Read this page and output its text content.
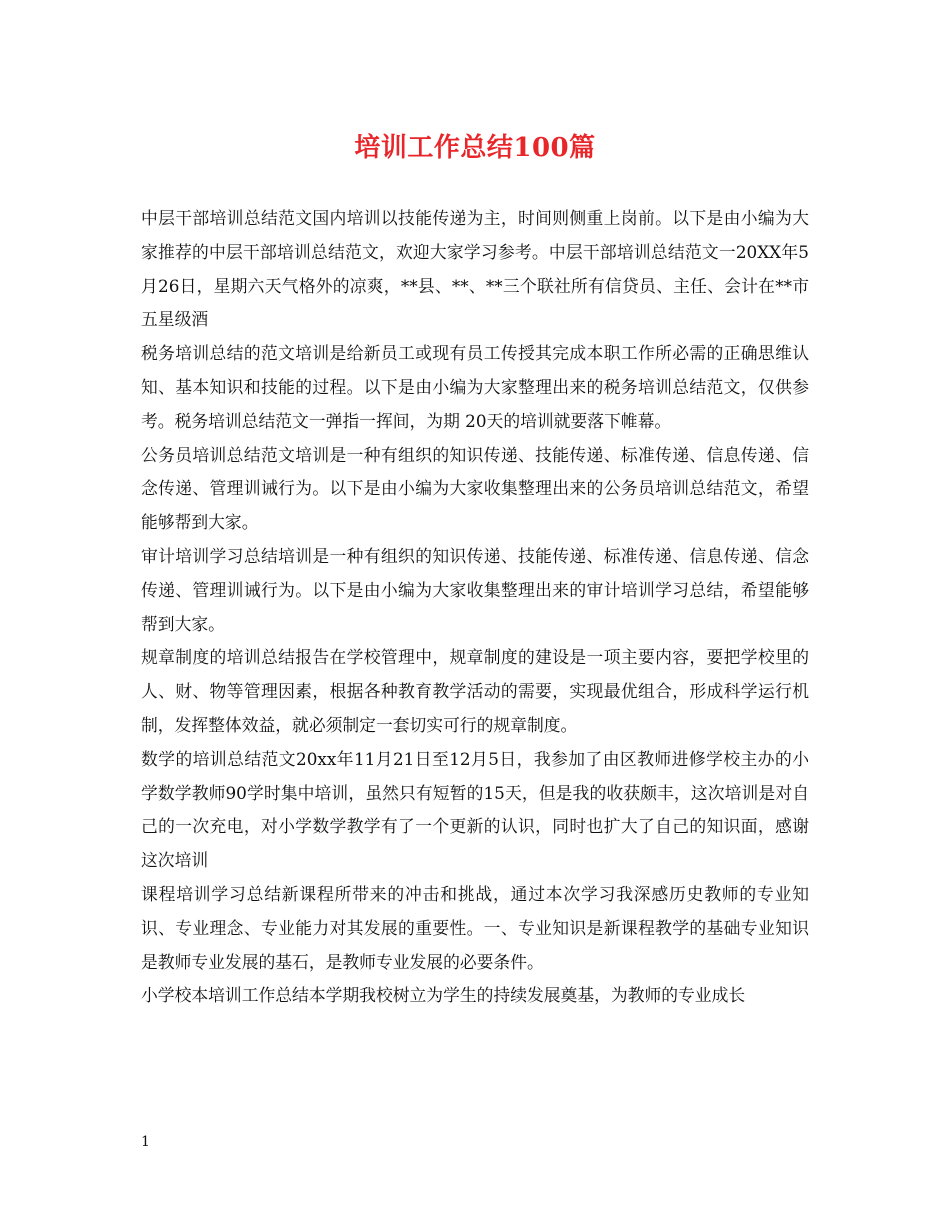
培训工作总结100篇

中层干部培训总结范文国内培训以技能传递为主，时间则侧重上岗前。以下是由小编为大家推荐的中层干部培训总结范文，欢迎大家学习参考。中层干部培训总结范文一20XX年5月26日，星期六天气格外的凉爽，**县、**、**三个联社所有信贷员、主任、会计在**市五星级酒

税务培训总结的范文培训是给新员工或现有员工传授其完成本职工作所必需的正确思维认知、基本知识和技能的过程。以下是由小编为大家整理出来的税务培训总结范文，仅供参考。税务培训总结范文一弹指一挥间，为期 20天的培训就要落下帷幕。

公务员培训总结范文培训是一种有组织的知识传递、技能传递、标准传递、信息传递、信念传递、管理训诫行为。以下是由小编为大家收集整理出来的公务员培训总结范文，希望能够帮到大家。

审计培训学习总结培训是一种有组织的知识传递、技能传递、标准传递、信息传递、信念传递、管理训诫行为。以下是由小编为大家收集整理出来的审计培训学习总结，希望能够帮到大家。

规章制度的培训总结报告在学校管理中，规章制度的建设是一项主要内容，要把学校里的人、财、物等管理因素，根据各种教育教学活动的需要，实现最优组合，形成科学运行机制，发挥整体效益，就必须制定一套切实可行的规章制度。

数学的培训总结范文20xx年11月21日至12月5日，我参加了由区教师进修学校主办的小学数学教师90学时集中培训，虽然只有短暂的15天，但是我的收获颇丰，这次培训是对自己的一次充电，对小学数学教学有了一个更新的认识，同时也扩大了自己的知识面，感谢这次培训

课程培训学习总结新课程所带来的冲击和挑战，通过本次学习我深感历史教师的专业知识、专业理念、专业能力对其发展的重要性。一、专业知识是新课程教学的基础专业知识是教师专业发展的基石，是教师专业发展的必要条件。

小学校本培训工作总结本学期我校树立为学生的持续发展奠基，为教师的专业成长

1
